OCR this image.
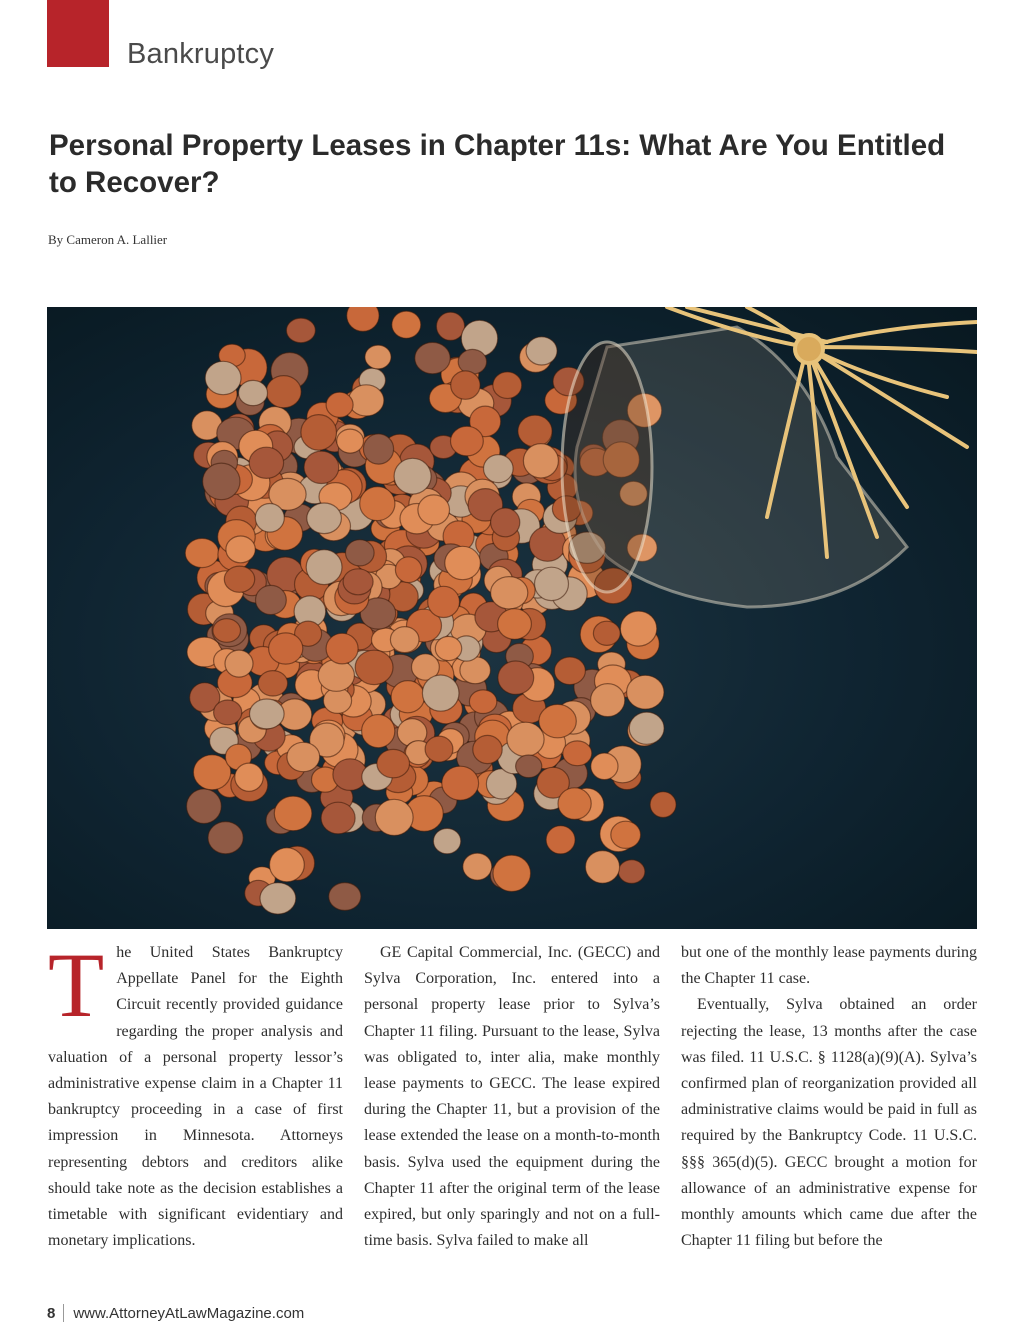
Bankruptcy
Personal Property Leases in Chapter 11s: What Are You Entitled to Recover?
By Cameron A. Lallier
T he United States Bankruptcy Appellate Panel for the Eighth Circuit recently provided guidance regarding the proper analysis and valuation of a personal property lessor’s administrative expense claim in a Chapter 11 bankruptcy proceeding in a case of first impression in Minnesota. Attorneys representing debtors and creditors alike should take note as the decision establishes a timetable with significant evidentiary and monetary implications.

GE Capital Commercial, Inc. (GECC) and Sylva Corporation, Inc. entered into a personal property lease prior to Sylva’s Chapter 11 filing. Pursuant to the lease, Sylva was obligated to, inter alia, make monthly lease payments to GECC. The lease expired during the Chapter 11, but a provision of the lease extended the lease on a month-to-month basis. Sylva used the equipment during the Chapter 11 after the original term of the lease expired, but only sparingly and not on a full-time basis. Sylva failed to make all

but one of the monthly lease payments during the Chapter 11 case.

Eventually, Sylva obtained an order rejecting the lease, 13 months after the case was filed. 11 U.S.C. § 1128(a)(9)(A). Sylva’s confirmed plan of reorganization provided all administrative claims would be paid in full as required by the Bankruptcy Code. 11 U.S.C. §§§ 365(d)(5). GECC brought a motion for allowance of an administrative expense for monthly amounts which came due after the Chapter 11 filing but before the

8 www.AttorneyAtLawMagazine.com
